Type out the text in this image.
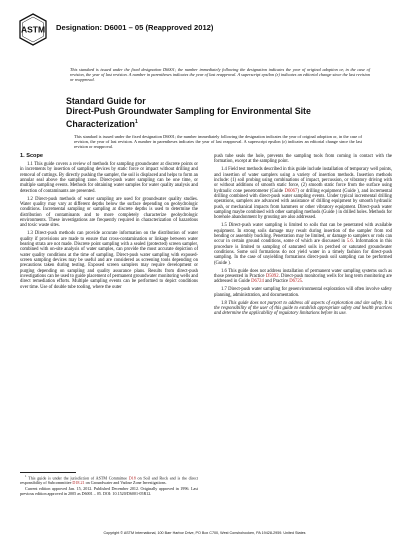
ASTM Designation: D6001 – 05 (Reapproved 2012)
This standard is issued under the fixed designation D6001; the number immediately following the designation indicates the year of original adoption or, in the case of revision, the year of last revision. A number in parentheses indicates the year of last reapproval. A superscript epsilon (ε) indicates an editorial change since the last revision or reapproval.
Standard Guide for
Direct-Push Groundwater Sampling for Environmental Site
Characterization$^1$
This standard is issued under the fixed designation D6001; the number immediately following the designation indicates the year of original adoption or, in the case of revision, the year of last revision. A number in parentheses indicates the year of last reapproval. A superscript epsilon (ε) indicates an editorial change since the last revision or reapproval.

1. Scope

1.1 This guide covers a review of methods for sampling groundwater at discrete points or in increments by insertion of sampling devices by static force or impact without drilling and removal of cuttings. By directly pushing the sampler, the soil is displaced and helps to form an annular seal above the sampling zone. Direct-push water sampling can be one time, or multiple sampling events. Methods for obtaining water samples for water quality analysis and detection of contaminants are presented.

1.2 Direct-push methods of water sampling are used for groundwater quality studies. Water quality may vary at different depths below the surface depending on geohydrologic conditions. Incremental sampling or sampling at discrete depths is used to determine the distribution of contaminants and to more completely characterize geohydrologic environments. These investigations are frequently required in characterization of hazardous and toxic waste sites.

1.3 Direct-push methods can provide accurate information on the distribution of water quality if provisions are made to ensure that cross-contamination or linkage between water bearing strata are not made. Discrete point sampling with a sealed (protected) screen sampler, combined with on-site analysis of water samples, can provide the most accurate depiction of water quality conditions at the time of sampling. Direct-push water sampling with exposed-screen sampling devices may be useful and are considered as screening tools depending on precautions taken during testing. Exposed screen samplers may require development or purging depending on sampling and quality assurance plans. Results from direct-push investigations can be used to guide placement of permanent groundwater monitoring wells and direct remediation efforts. Multiple sampling events can be performed to depict conditions over time. Use of double tube tooling, where the outer

push tube seals the hole, prevents the sampling tools from coming in contact with the formation, except at the sampling point.

1.4 Field test methods described in this guide include installation of temporary well points, and insertion of water samplers using a variety of insertion methods. Insertion methods include: (1) soil probing using combinations of impact, percussion, or vibratory driving with or without additions of smooth static force, (2) smooth static force from the surface using hydraulic cone penetrometer (Guide D6067) or drilling equipment (Guide ), and incremental drilling combined with direct-push water sampling events. Under typical incremental drilling operations, samplers are advanced with assistance of drilling equipment by smooth hydraulic push, or mechanical impacts from hammers or other vibratory equipment. Direct-push water sampling maybe combined with other sampling methods (Guide ) in drilled holes. Methods for borehole abandonment by grouting are also addressed.

1.5 Direct-push water sampling is limited to soils that can be penetrated with available equipment. In strong soils damage may result during insertion of the sampler from rod bending or assembly buckling. Penetration may be limited, or damage to samplers or rods can occur in certain ground conditions, some of which are discussed in 5.6. Information in this procedure is limited to sampling of saturated soils in perched or saturated groundwater conditions. Some soil formations do not yield water in a timely fashion for direct-push sampling. In the case of unyielding formations direct-push soil sampling can be performed (Guide ).

1.6 This guide does not address installation of permanent water sampling systems such as those presented in Practice D5092. Direct-push monitoring wells for long term monitoring are addressed in Guide D6724 and Practice D6725.

1.7 Direct-push water sampling for geoenvironmental exploration will often involve safety planning, administration, and documentation.

1.8 This guide does not purport to address all aspects of exploration and site safety. It is the responsibility of the user of this guide to establish appropriate safety and health practices and determine the applicability of regulatory limitations before its use.

$^1$ This guide is under the jurisdiction of ASTM Committee D18 on Soil and Rock and is the direct responsibility of Subcommittee D18.21 on Groundwater and Vadose Zone Investigations.

Current edition approved Jan. 15, 2012. Published December 2012. Originally approved in 1996. Last previous edition approved in 2005 as D6001 – 05. DOI: 10.1520/D6001-05R12.

Copyright © ASTM International, 100 Barr Harbor Drive, PO Box C700, West Conshohocken, PA 19428-2959. United States
